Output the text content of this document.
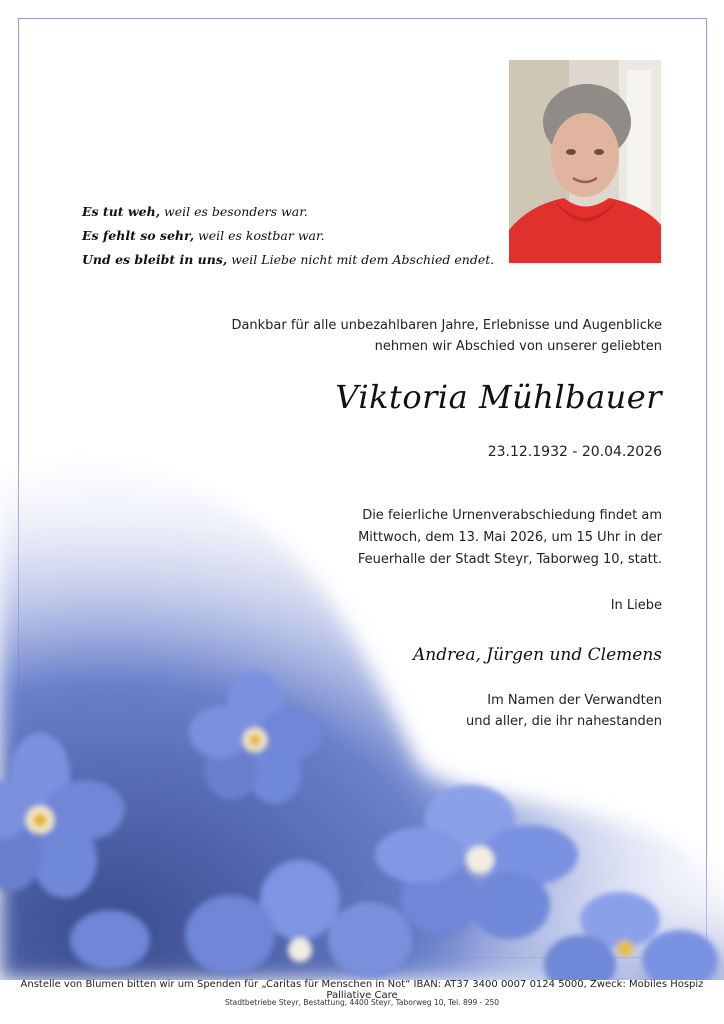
Es tut weh, weil es besonders war.
Es fehlt so sehr, weil es kostbar war.
Und es bleibt in uns, weil Liebe nicht mit dem Abschied endet.
Dankbar für alle unbezahlbaren Jahre, Erlebnisse und Augenblicke
nehmen wir Abschied von unserer geliebten
Viktoria Mühlbauer
23.12.1932 - 20.04.2026
Die feierliche Urnenverabschiedung findet am
Mittwoch, dem 13. Mai 2026, um 15 Uhr in der
Feuerhalle der Stadt Steyr, Taborweg 10, statt.
In Liebe
Andrea, Jürgen und Clemens
Im Namen der Verwandten
und aller, die ihr nahestanden
Anstelle von Blumen bitten wir um Spenden für „Caritas für Menschen in Not“ IBAN: AT37 3400 0007 0124 5000, Zweck: Mobiles Hospiz Palliative Care
Stadtbetriebe Steyr, Bestattung, 4400 Steyr, Taborweg 10, Tel. 899 - 250
